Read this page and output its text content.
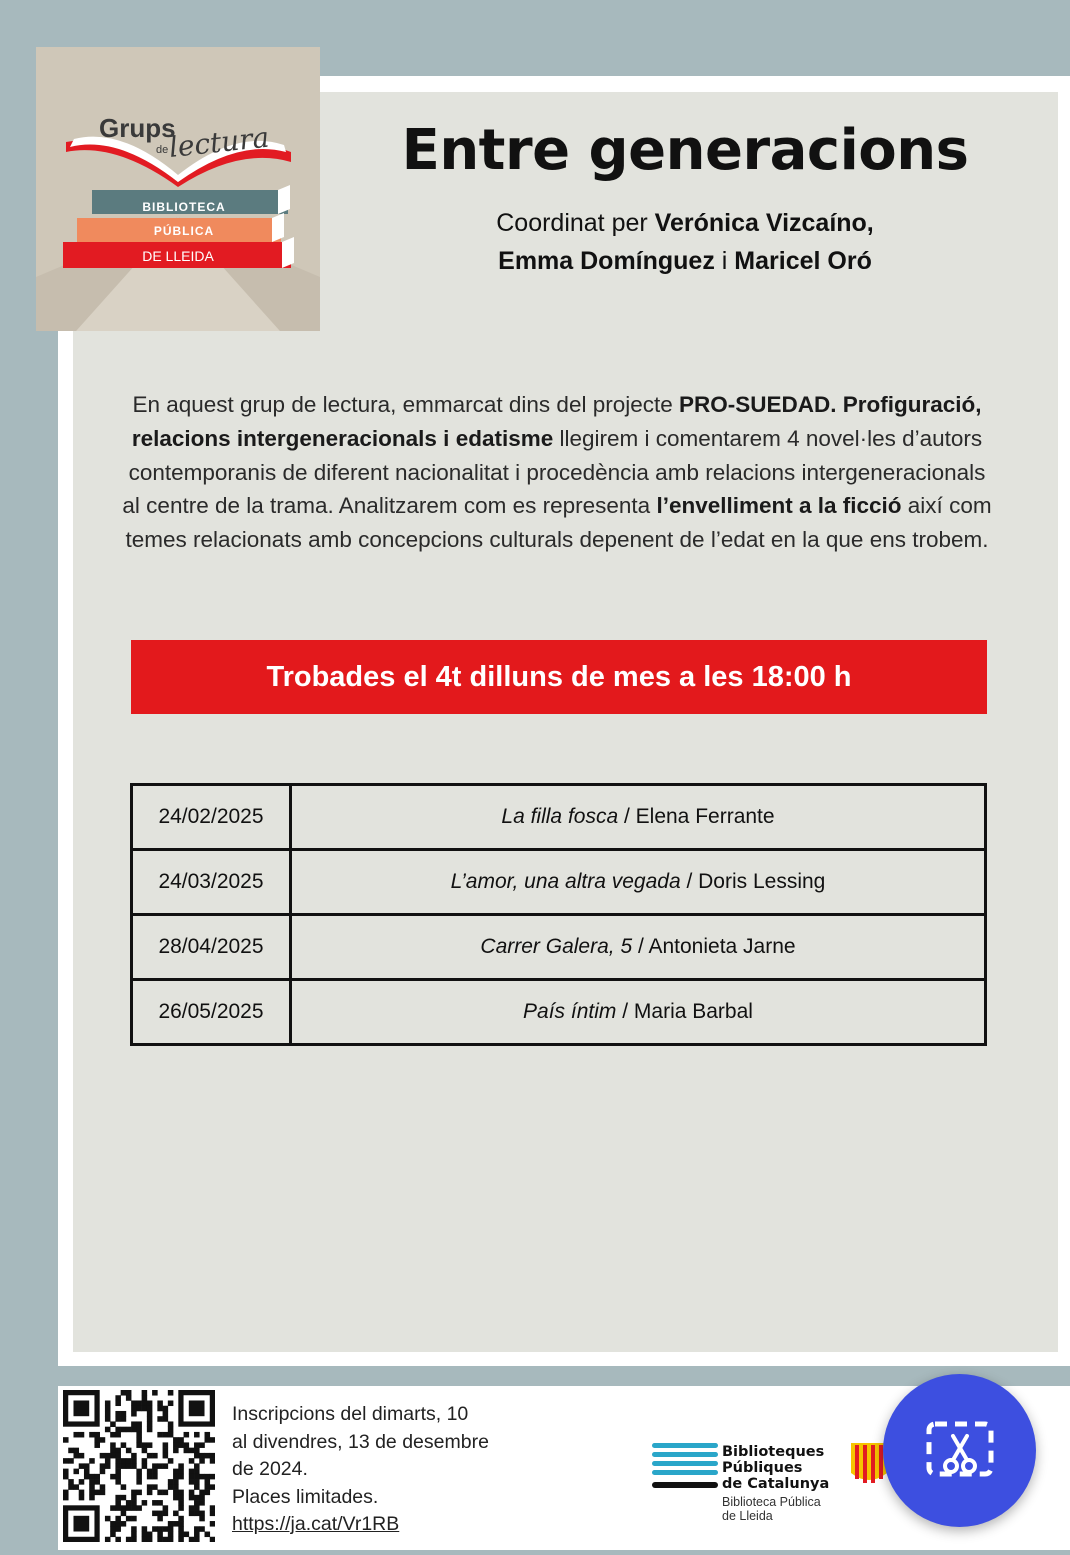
Grups
de lectura
BIBLIOTECA
PÚBLICA
DE LLEIDA
Entre generacions
Coordinat per Verónica Vizcaíno,
Emma Domínguez i Maricel Oró

En aquest grup de lectura, emmarcat dins del projecte PRO-SUEDAD. Profiguració, relacions intergeneracionals i edatisme llegirem i comentarem 4 novel·les d’autors contemporanis de diferent nacionalitat i procedència amb relacions intergeneracionals al centre de la trama. Analitzarem com es representa l’envelliment a la ficció així com temes relacionats amb concepcions culturals depenent de l’edat en la que ens trobem.

Trobades el 4t dilluns de mes a les 18:00 h
24/02/2025	La filla fosca / Elena Ferrante
24/03/2025	L’amor, una altra vegada / Doris Lessing
28/04/2025	Carrer Galera, 5 / Antonieta Jarne
26/05/2025	País íntim / Maria Barbal
Inscripcions del dimarts, 10
al divendres, 13 de desembre
de 2024.
Places limitades.
https://ja.cat/Vr1RB
Biblioteques
Públiques
de Catalunya
Biblioteca Pública
de Lleida
